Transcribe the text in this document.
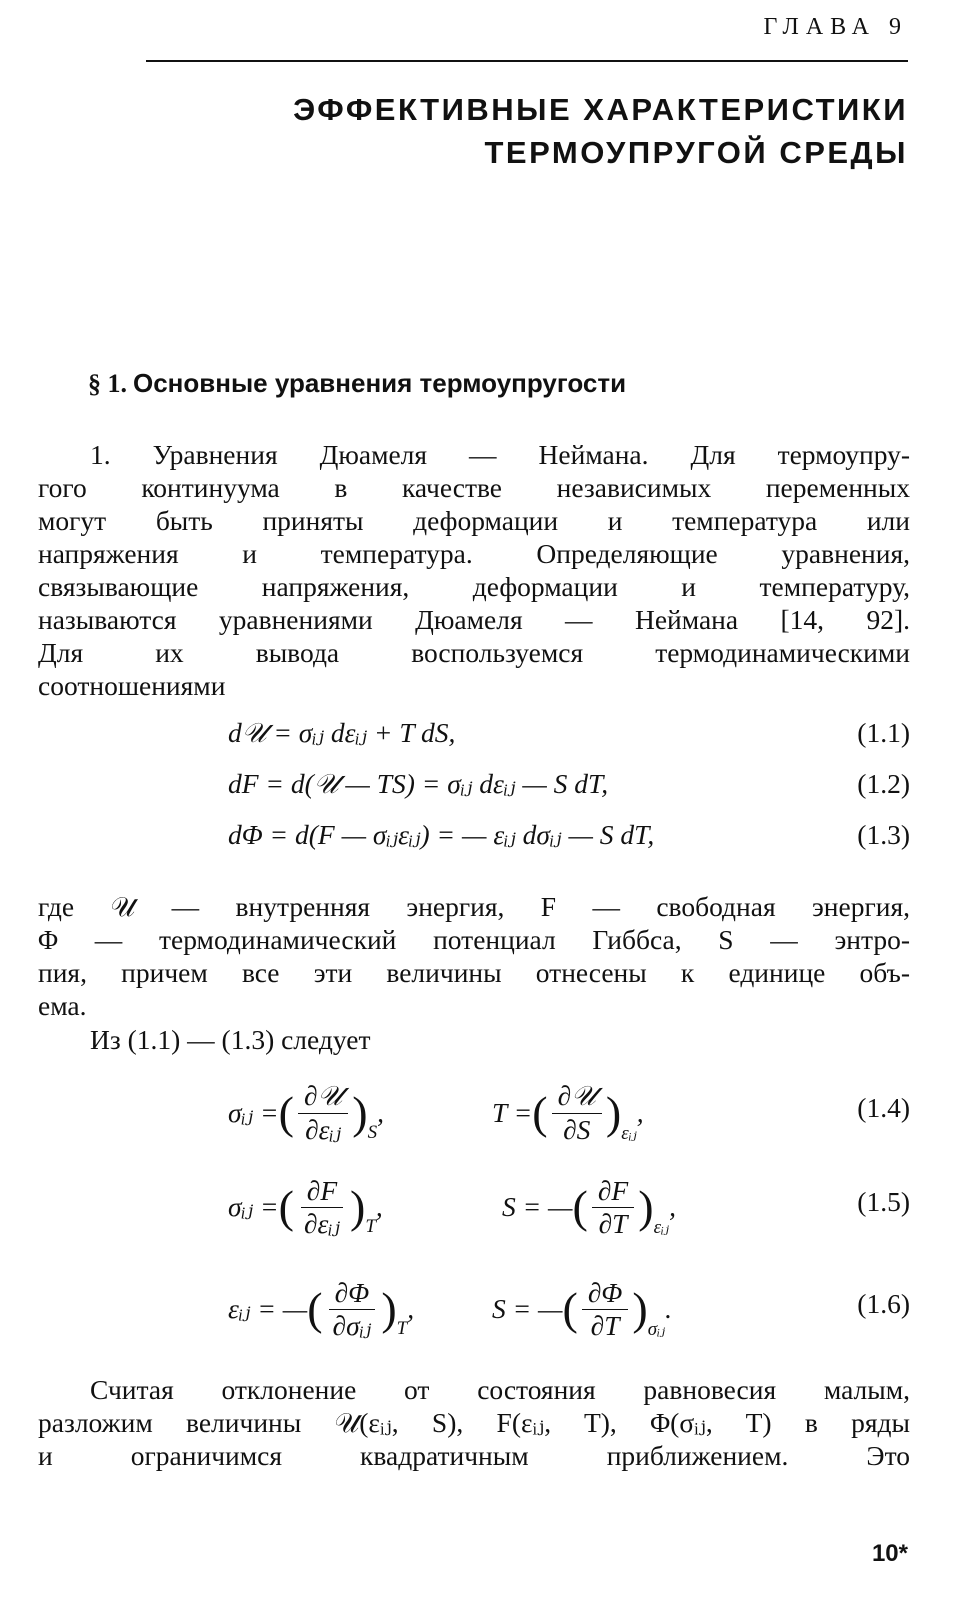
ГЛАВА 9
ЭФФЕКТИВНЫЕ ХАРАКТЕРИСТИКИ
ТЕРМОУПРУГОЙ СРЕДЫ
§ 1. Основные уравнения термоупругости
1. Уравнения Дюамеля — Неймана. Для термоупру-
гого континуума в качестве независимых переменных
могут быть приняты деформации и температура или
напряжения и температура. Определяющие уравнения,
связывающие напряжения, деформации и температуру,
называются уравнениями Дюамеля — Неймана [14, 92].
Для их вывода воспользуемся термодинамическими
соотношениями
d𝒰 = σᵢⱼ dεᵢⱼ + T dS,	(1.1)
dF = d(𝒰 — TS) = σᵢⱼ dεᵢⱼ — S dT,	(1.2)
dΦ = d(F — σᵢⱼεᵢⱼ) = — εᵢⱼ dσᵢⱼ — S dT,	(1.3)
где 𝒰 — внутренняя энергия, F — свободная энергия,
Φ — термодинамический потенциал Гиббса, S — энтро-
пия, причем все эти величины отнесены к единице объ-
ема.
Из (1.1) — (1.3) следует
σᵢⱼ = ( $\frac{\text{∂𝒰}}{\text{∂εᵢⱼ}}$ ) S
,	T = ( $\frac{\text{∂𝒰}}{\partial S}$ ) εᵢⱼ
,	(1.4)
σᵢⱼ = ( $\frac{\partial F}{\text{∂εᵢⱼ}}$ ) T
,	S = — ( $\frac{\partial F}{\partial T}$ ) εᵢⱼ
,	(1.5)
εᵢⱼ = — ( $\frac{\partial\Phi}{\text{∂σᵢⱼ}}$ ) T
,	S = — ( $\frac{\partial\Phi}{\partial T}$ ) σᵢⱼ
.	(1.6)
Считая отклонение от состояния равновесия малым,
разложим величины 𝒰(εᵢⱼ, S), F(εᵢⱼ, T), Φ(σᵢⱼ, T) в ряды
и ограничимся квадратичным приближением. Это
10*
